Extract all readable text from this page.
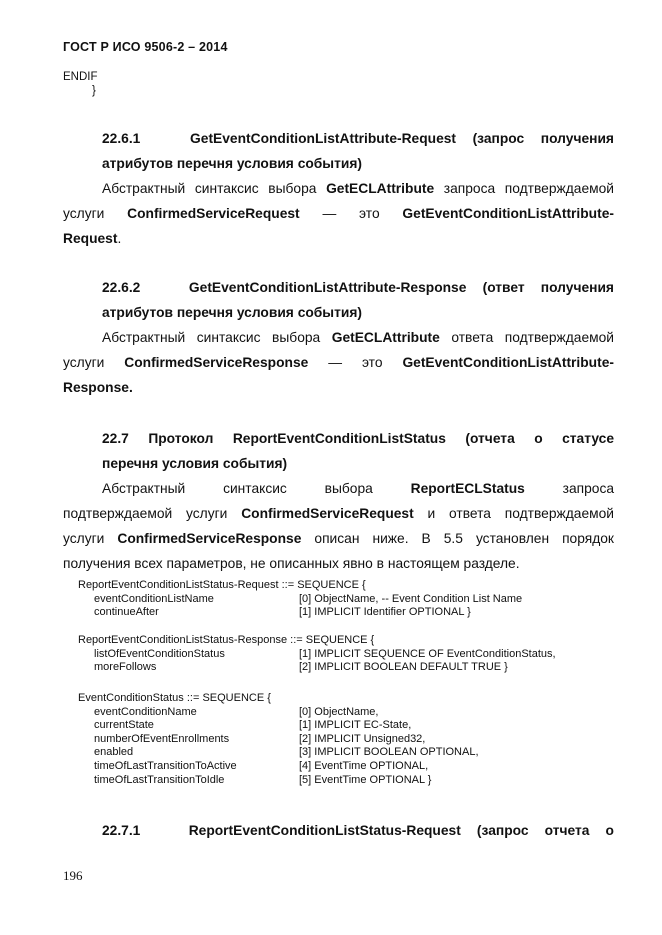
ГОСТ Р ИСО 9506-2 – 2014
ENDIF
}
22.6.1	GetEventConditionListAttribute-Request (запрос получения
атрибутов перечня условия события)
Абстрактный синтаксис выбора GetECLAttribute запроса подтверждаемой
услуги ConfirmedServiceRequest — это GetEventConditionListAttribute-
Request.
22.6.2	GetEventConditionListAttribute-Response (ответ получения
атрибутов перечня условия события)
Абстрактный синтаксис выбора GetECLAttribute ответа подтверждаемой
услуги ConfirmedServiceResponse — это GetEventConditionListAttribute-
Response.
22.7 Протокол ReportEventConditionListStatus (отчета о статусе
перечня условия события)
Абстрактный	синтаксис	выбора	ReportECLStatus	запроса
подтверждаемой услуги ConfirmedServiceRequest и ответа подтверждаемой
услуги ConfirmedServiceResponse описан ниже. В 5.5 установлен порядок
получения всех параметров, не описанных явно в настоящем разделе.
ReportEventConditionListStatus-Request ::= SEQUENCE {
eventConditionListName	[0] ObjectName, -- Event Condition List Name
continueAfter	[1] IMPLICIT Identifier OPTIONAL }
ReportEventConditionListStatus-Response ::= SEQUENCE {
listOfEventConditionStatus	[1] IMPLICIT SEQUENCE OF EventConditionStatus,
moreFollows	[2] IMPLICIT BOOLEAN DEFAULT TRUE }
EventConditionStatus ::= SEQUENCE {
eventConditionName	[0] ObjectName,
currentState	[1] IMPLICIT EC-State,
numberOfEventEnrollments	[2] IMPLICIT Unsigned32,
enabled	[3] IMPLICIT BOOLEAN OPTIONAL,
timeOfLastTransitionToActive	[4] EventTime OPTIONAL,
timeOfLastTransitionToIdle	[5] EventTime OPTIONAL }
22.7.1	ReportEventConditionListStatus-Request (запрос отчета о
196
